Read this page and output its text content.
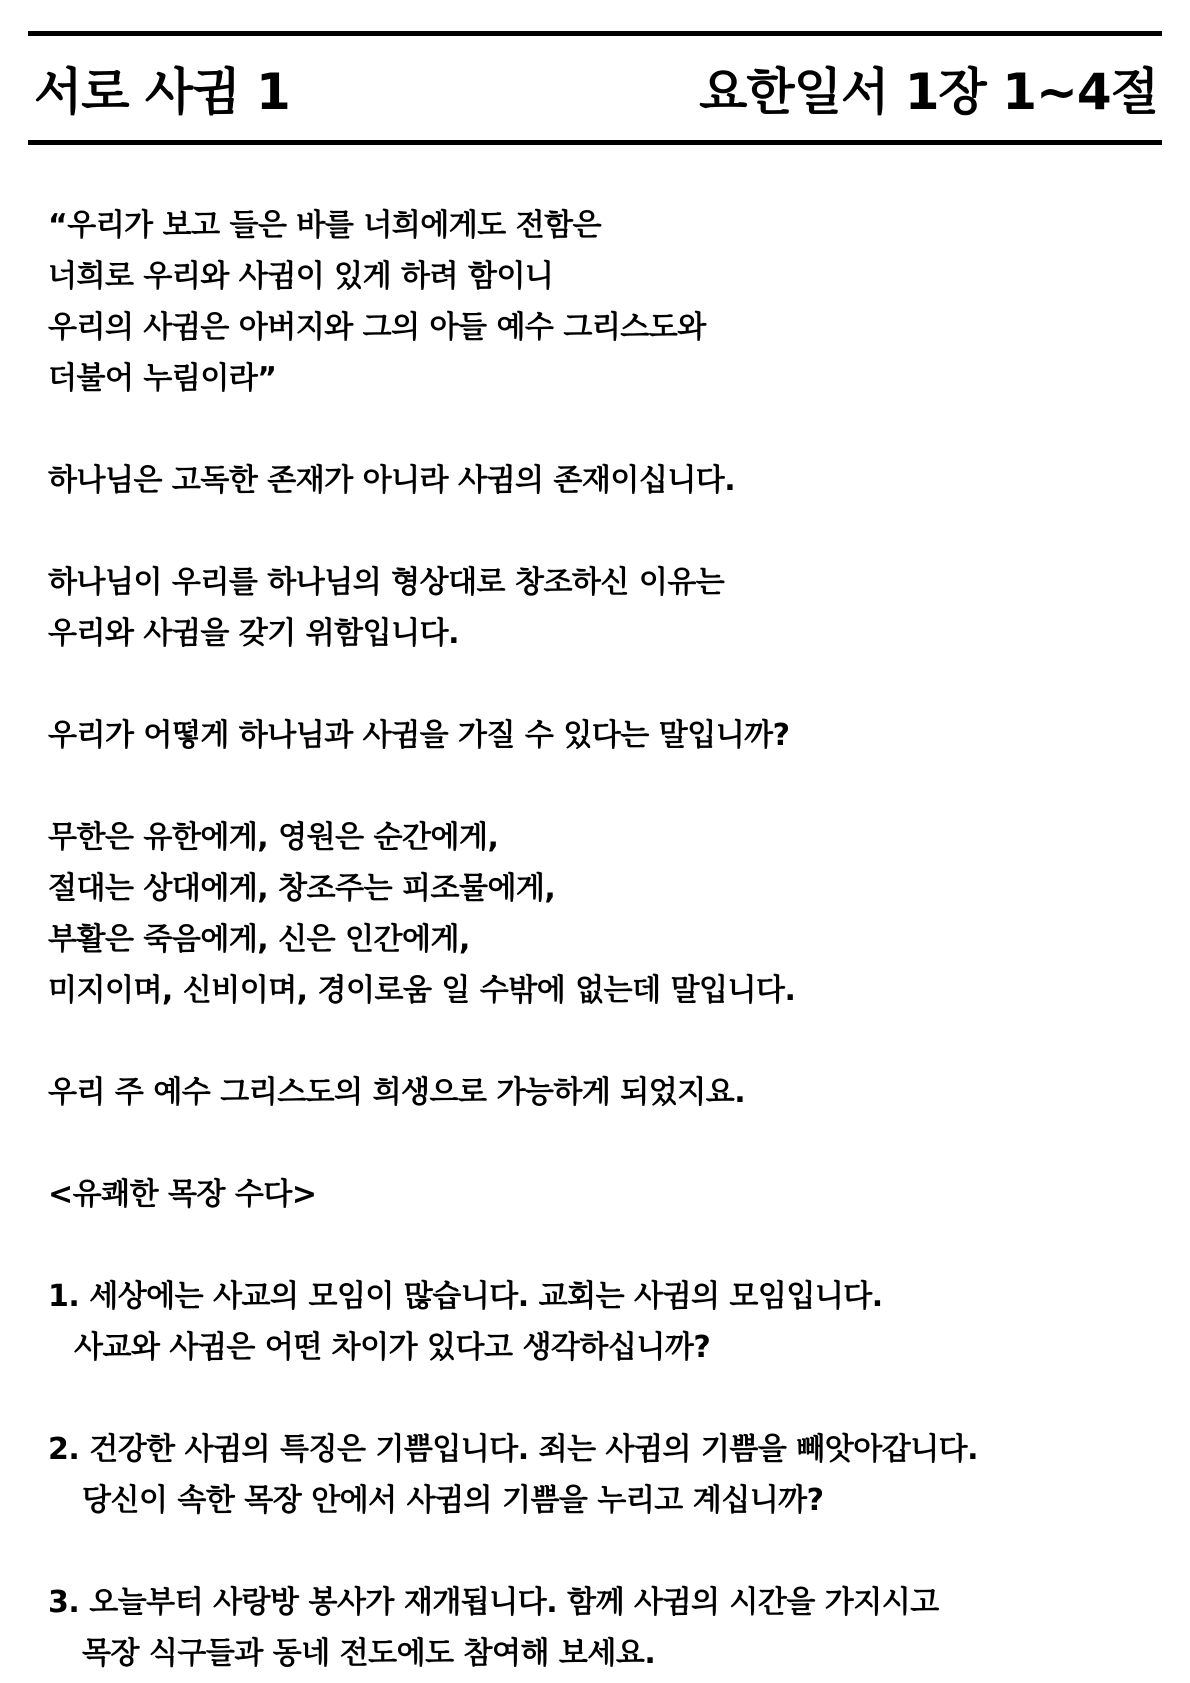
서로 사귐 1	요한일서 1장 1~4절
“우리가 보고 들은 바를 너희에게도 전함은
너희로 우리와 사귐이 있게 하려 함이니
우리의 사귐은 아버지와 그의 아들 예수 그리스도와
더불어 누림이라”
하나님은 고독한 존재가 아니라 사귐의 존재이십니다.
하나님이 우리를 하나님의 형상대로 창조하신 이유는
우리와 사귐을 갖기 위함입니다.
우리가 어떻게 하나님과 사귐을 가질 수 있다는 말입니까?
무한은 유한에게, 영원은 순간에게,
절대는 상대에게, 창조주는 피조물에게,
부활은 죽음에게, 신은 인간에게,
미지이며, 신비이며, 경이로움 일 수밖에 없는데 말입니다.
우리 주 예수 그리스도의 희생으로 가능하게 되었지요.
<유쾌한 목장 수다>
1. 세상에는 사교의 모임이 많습니다. 교회는 사귐의 모임입니다.
사교와 사귐은 어떤 차이가 있다고 생각하십니까?
2. 건강한 사귐의 특징은 기쁨입니다. 죄는 사귐의 기쁨을 빼앗아갑니다.
당신이 속한 목장 안에서 사귐의 기쁨을 누리고 계십니까?
3. 오늘부터 사랑방 봉사가 재개됩니다. 함께 사귐의 시간을 가지시고
목장 식구들과 동네 전도에도 참여해 보세요.
